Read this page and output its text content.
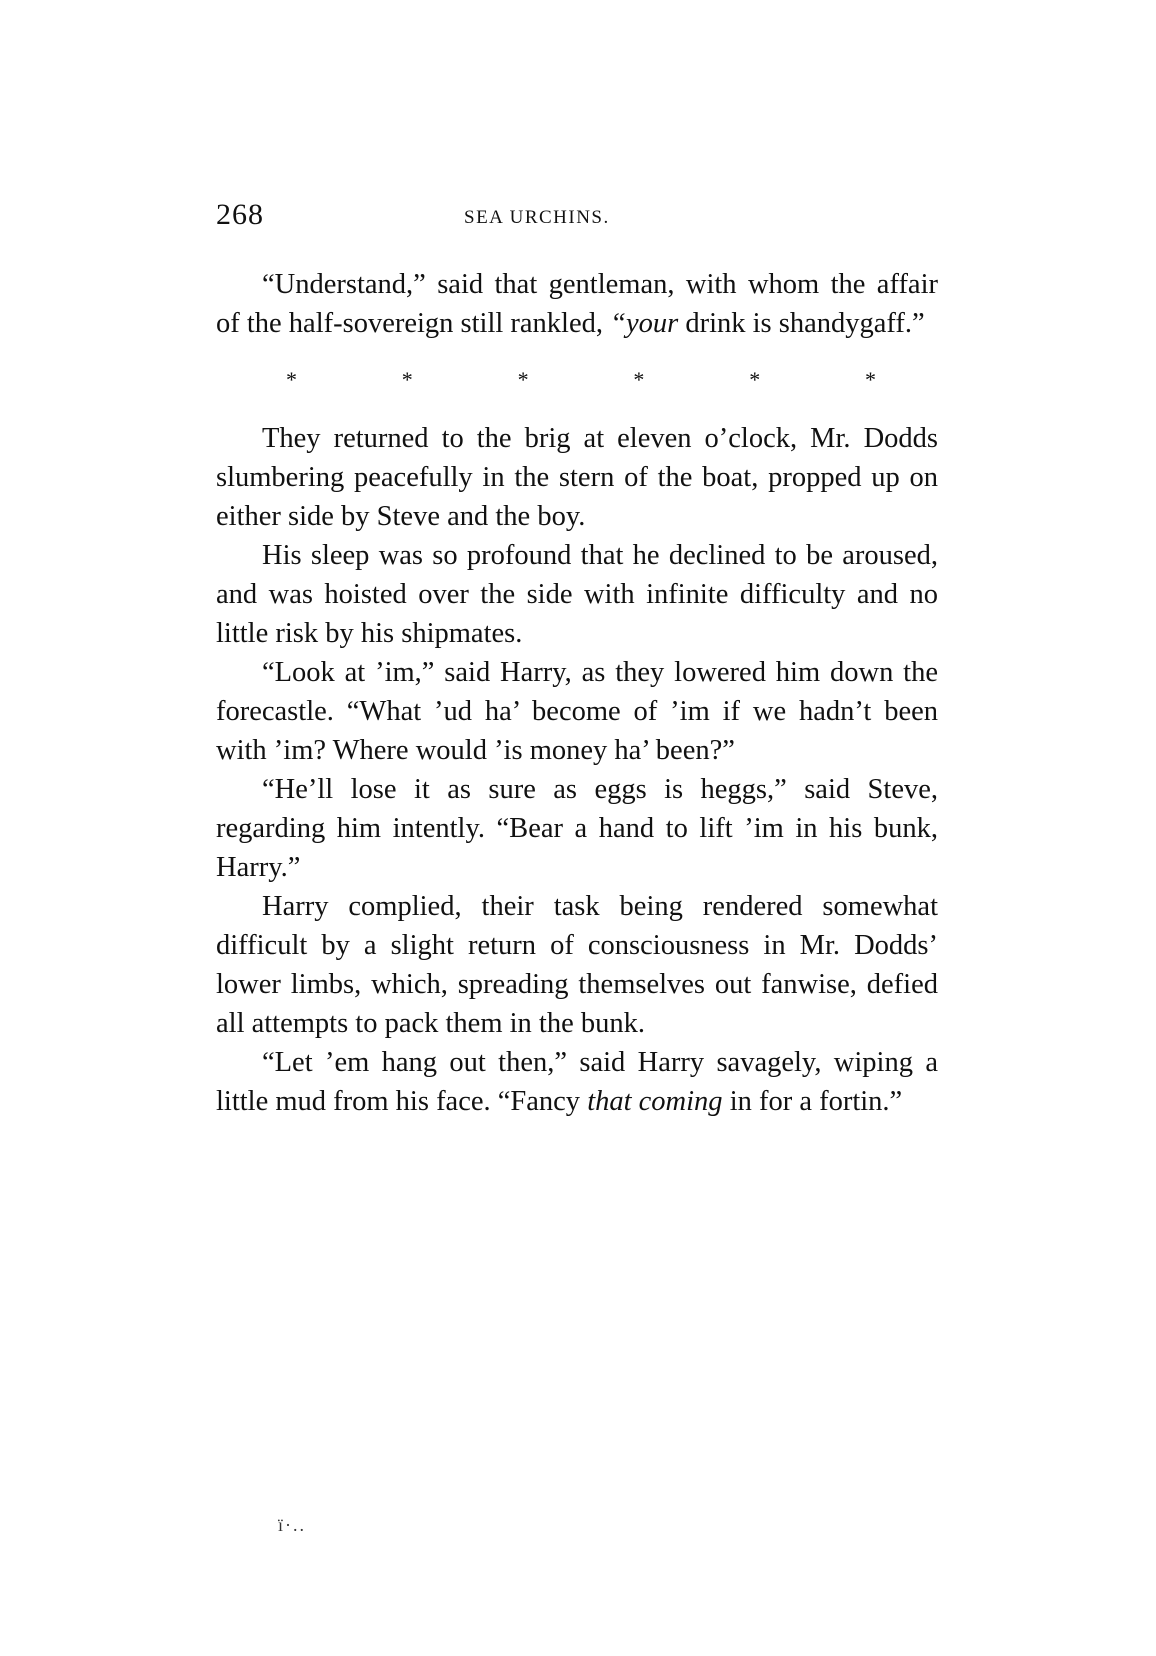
268	SEA URCHINS.

“Understand,” said that gentleman, with whom the affair of the half-sovereign still rankled, “your drink is shandygaff.”

*	*	*	*	*	*

They returned to the brig at eleven o’clock, Mr. Dodds slumbering peacefully in the stern of the boat, propped up on either side by Steve and the boy.

His sleep was so profound that he declined to be aroused, and was hoisted over the side with infinite difficulty and no little risk by his shipmates.

“Look at ’im,” said Harry, as they lowered him down the forecastle. “What ’ud ha’ become of ’im if we hadn’t been with ’im? Where would ’is money ha’ been?”

“He’ll lose it as sure as eggs is heggs,” said Steve, regarding him intently. “Bear a hand to lift ’im in his bunk, Harry.”

Harry complied, their task being rendered somewhat difficult by a slight return of consciousness in Mr. Dodds’ lower limbs, which, spreading themselves out fanwise, defied all attempts to pack them in the bunk.

“Let ’em hang out then,” said Harry savagely, wiping a little mud from his face. “Fancy that coming in for a fortin.”

ï·..
